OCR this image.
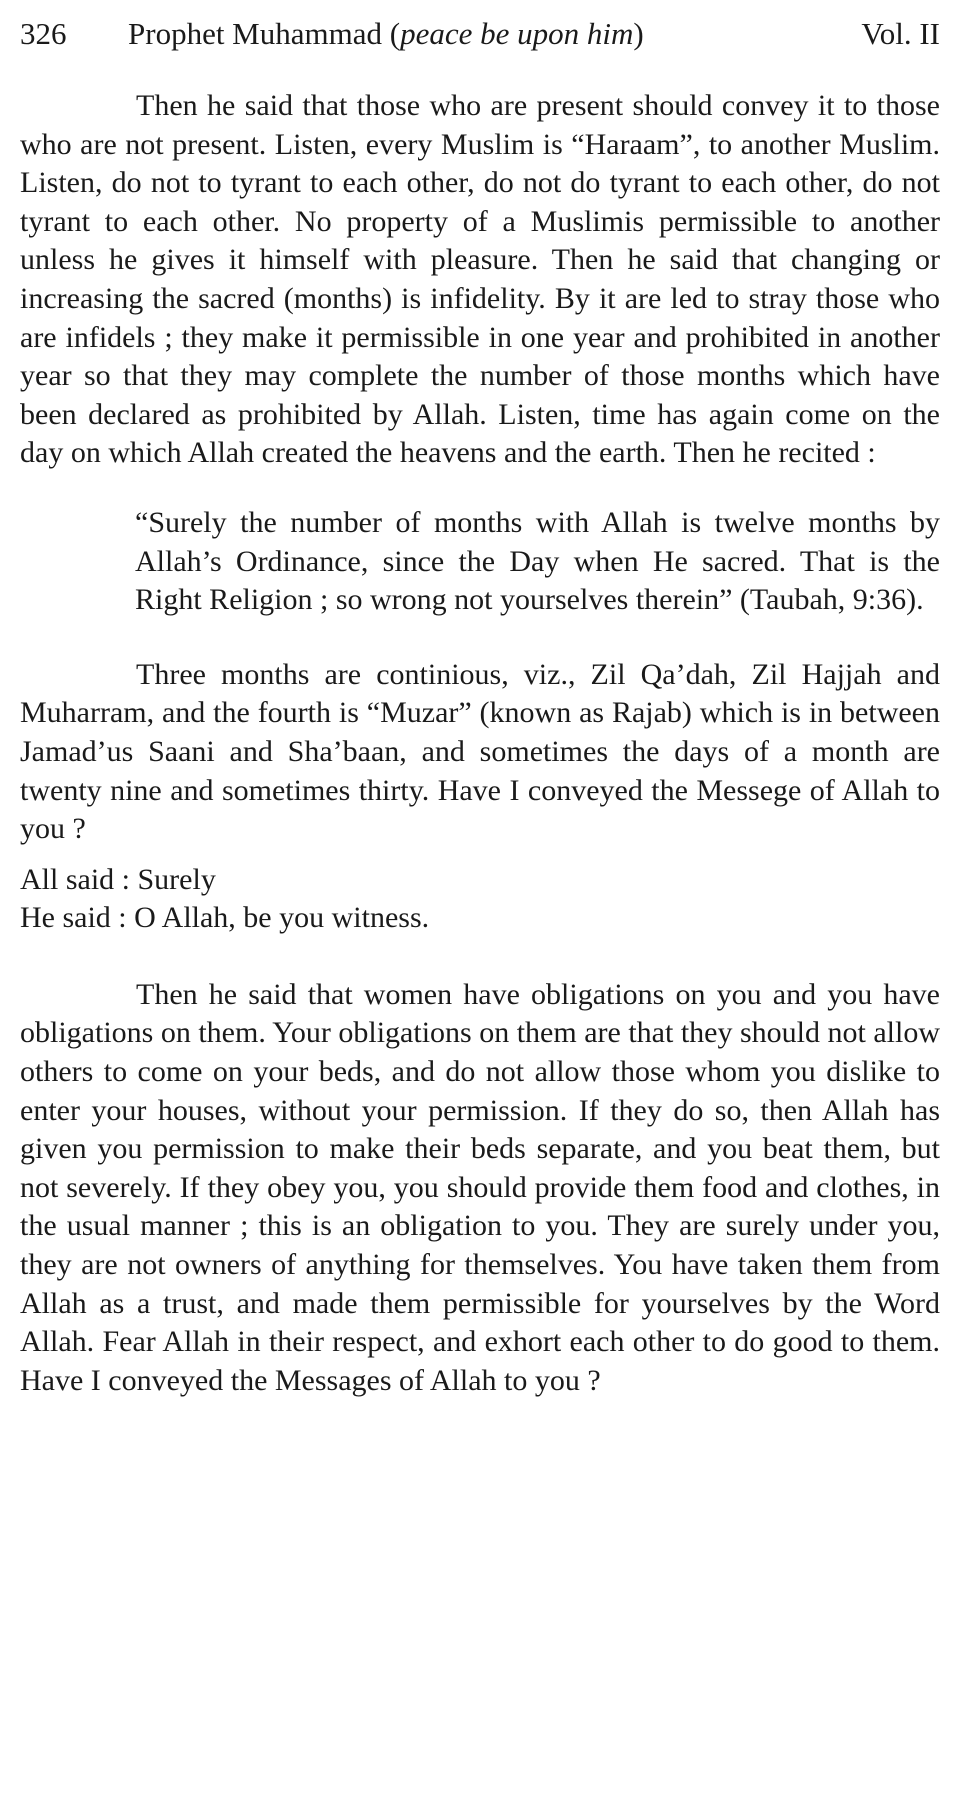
326	Prophet Muhammad (peace be upon him)	Vol. II

Then he said that those who are present should convey it to those who are not present. Listen, every Muslim is “Haraam”, to another Muslim. Listen, do not to tyrant to each other, do not do tyrant to each other, do not tyrant to each other. No property of a Muslimis permissible to another unless he gives it himself with pleasure. Then he said that changing or increasing the sacred (months) is infidelity. By it are led to stray those who are infidels ; they make it permissible in one year and prohibited in another year so that they may complete the number of those months which have been declared as prohibited by Allah. Listen, time has again come on the day on which Allah created the heavens and the earth. Then he recited :

“Surely the number of months with Allah is twelve months by Allah’s Ordinance, since the Day when He sacred. That is the Right Religion ; so wrong not yourselves therein” (Taubah, 9:36).

Three months are continious, viz., Zil Qa’dah, Zil Hajjah and Muharram, and the fourth is “Muzar” (known as Rajab) which is in between Jamad’us Saani and Sha’baan, and sometimes the days of a month are twenty nine and sometimes thirty. Have I conveyed the Messege of Allah to you ?

All said : Surely
He said : O Allah, be you witness.

Then he said that women have obligations on you and you have obligations on them. Your obligations on them are that they should not allow others to come on your beds, and do not allow those whom you dislike to enter your houses, without your permission. If they do so, then Allah has given you permission to make their beds separate, and you beat them, but not severely. If they obey you, you should provide them food and clothes, in the usual manner ; this is an obligation to you. They are surely under you, they are not owners of anything for themselves. You have taken them from Allah as a trust, and made them permissible for yourselves by the Word Allah. Fear Allah in their respect, and exhort each other to do good to them. Have I conveyed the Messages of Allah to you ?
